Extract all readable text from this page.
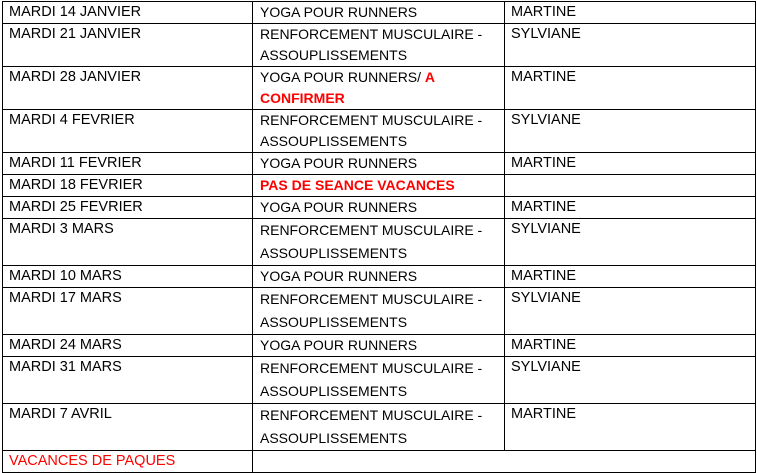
MARDI 14 JANVIER	YOGA POUR RUNNERS	MARTINE
MARDI 21 JANVIER	RENFORCEMENT MUSCULAIRE - ASSOUPLISSEMENTS	SYLVIANE
MARDI 28 JANVIER	YOGA POUR RUNNERS/ A CONFIRMER	MARTINE
MARDI 4 FEVRIER	RENFORCEMENT MUSCULAIRE - ASSOUPLISSEMENTS	SYLVIANE
MARDI 11 FEVRIER	YOGA POUR RUNNERS	MARTINE
MARDI 18 FEVRIER	PAS DE SEANCE VACANCES	
MARDI 25 FEVRIER	YOGA POUR RUNNERS	MARTINE
MARDI 3 MARS	RENFORCEMENT MUSCULAIRE - ASSOUPLISSEMENTS	SYLVIANE
MARDI 10 MARS	YOGA POUR RUNNERS	MARTINE
MARDI 17 MARS	RENFORCEMENT MUSCULAIRE - ASSOUPLISSEMENTS	SYLVIANE
MARDI 24 MARS	YOGA POUR RUNNERS	MARTINE
MARDI 31 MARS	RENFORCEMENT MUSCULAIRE - ASSOUPLISSEMENTS	SYLVIANE
MARDI 7 AVRIL	RENFORCEMENT MUSCULAIRE - ASSOUPLISSEMENTS	MARTINE
VACANCES DE PAQUES		
